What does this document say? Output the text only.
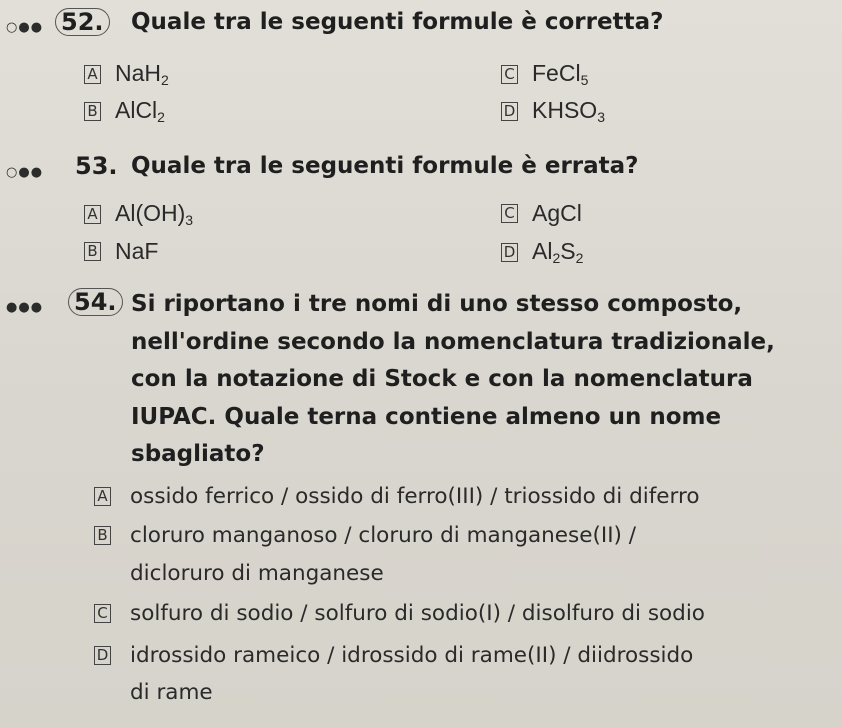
○●● 52. Quale tra le seguenti formule è corretta?
A NaH$_2$
B AlCl$_2$
C FeCl$_5$
D $KHSO_3$
○●● 53. Quale tra le seguenti formule è errata?
A $Al(OH)_3$
B NaF
C AgCl
D $Al_2S_2$
●●● 54. Si riportano i tre nomi di uno stesso composto,
nell'ordine secondo la nomenclatura tradizionale,
con la notazione di Stock e con la nomenclatura
IUPAC. Quale terna contiene almeno un nome
sbagliato?
A ossido ferrico / ossido di ferro(III) / triossido di diferro
B cloruro manganoso / cloruro di manganese(II) /
dicloruro di manganese
C solfuro di sodio / solfuro di sodio(I) / disolfuro di sodio
D idrossido rameico / idrossido di rame(II) / diidrossido
di rame
